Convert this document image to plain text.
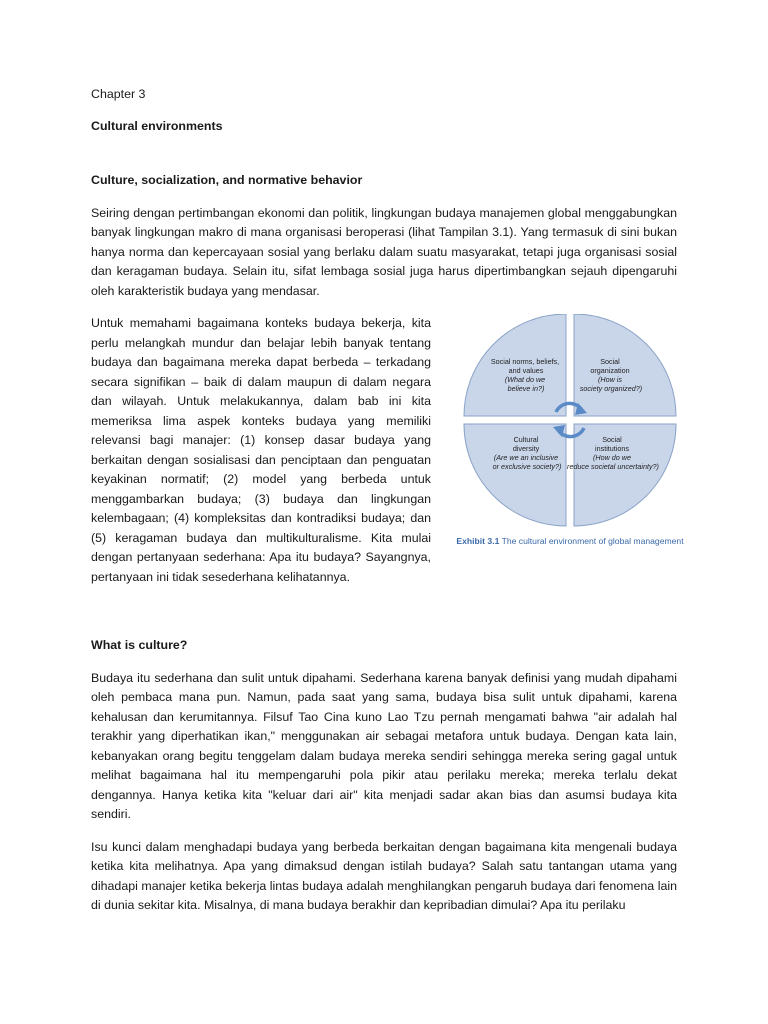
Chapter 3
Cultural environments
Culture, socialization, and normative behavior

Seiring dengan pertimbangan ekonomi dan politik, lingkungan budaya manajemen global menggabungkan banyak lingkungan makro di mana organisasi beroperasi (lihat Tampilan 3.1). Yang termasuk di sini bukan hanya norma dan kepercayaan sosial yang berlaku dalam suatu masyarakat, tetapi juga organisasi sosial dan keragaman budaya. Selain itu, sifat lembaga sosial juga harus dipertimbangkan sejauh dipengaruhi oleh karakteristik budaya yang mendasar.

Social norms, beliefs, and values
(What do we believe in?)
Social organization (How is society organized?)
Cultural diversity (Are we an inclusive or exclusive society?)
Social institutions (How do we reduce societal uncertainty?)
Exhibit 3.1 The cultural environment of global management

Untuk memahami bagaimana konteks budaya bekerja, kita perlu melangkah mundur dan belajar lebih banyak tentang budaya dan bagaimana mereka dapat berbeda – terkadang secara signifikan – baik di dalam maupun di dalam negara dan wilayah. Untuk melakukannya, dalam bab ini kita memeriksa lima aspek konteks budaya yang memiliki relevansi bagi manajer: (1) konsep dasar budaya yang berkaitan dengan sosialisasi dan penciptaan dan penguatan keyakinan normatif; (2) model yang berbeda untuk menggambarkan budaya; (3) budaya dan lingkungan kelembagaan; (4) kompleksitas dan kontradiksi budaya; dan (5) keragaman budaya dan multikulturalisme. Kita mulai dengan pertanyaan sederhana: Apa itu budaya? Sayangnya, pertanyaan ini tidak sesederhana kelihatannya.

What is culture?

Budaya itu sederhana dan sulit untuk dipahami. Sederhana karena banyak definisi yang mudah dipahami oleh pembaca mana pun. Namun, pada saat yang sama, budaya bisa sulit untuk dipahami, karena kehalusan dan kerumitannya. Filsuf Tao Cina kuno Lao Tzu pernah mengamati bahwa "air adalah hal terakhir yang diperhatikan ikan," menggunakan air sebagai metafora untuk budaya. Dengan kata lain, kebanyakan orang begitu tenggelam dalam budaya mereka sendiri sehingga mereka sering gagal untuk melihat bagaimana hal itu mempengaruhi pola pikir atau perilaku mereka; mereka terlalu dekat dengannya. Hanya ketika kita "keluar dari air" kita menjadi sadar akan bias dan asumsi budaya kita sendiri.

Isu kunci dalam menghadapi budaya yang berbeda berkaitan dengan bagaimana kita mengenali budaya ketika kita melihatnya. Apa yang dimaksud dengan istilah budaya? Salah satu tantangan utama yang dihadapi manajer ketika bekerja lintas budaya adalah menghilangkan pengaruh budaya dari fenomena lain di dunia sekitar kita. Misalnya, di mana budaya berakhir dan kepribadian dimulai? Apa itu perilaku
